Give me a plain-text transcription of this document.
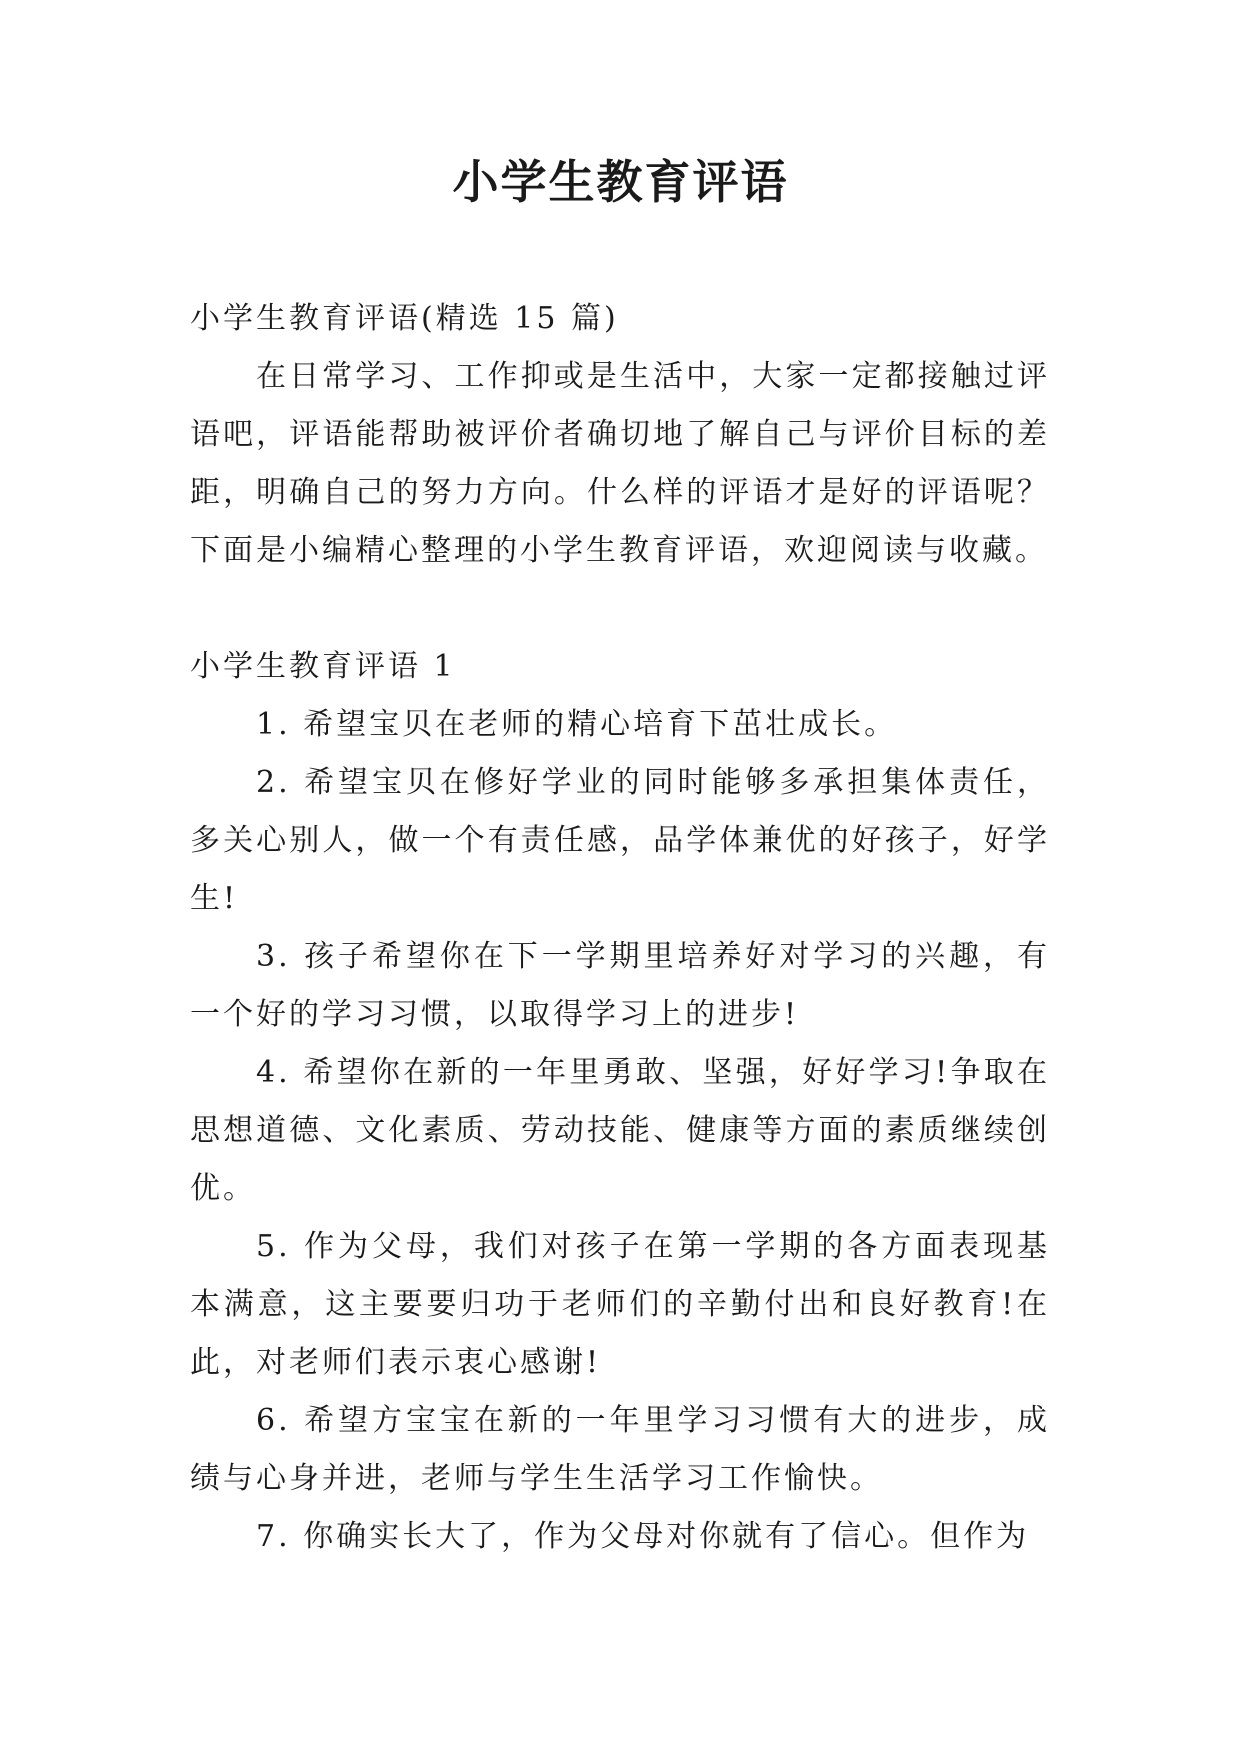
小学生教育评语

小学生教育评语(精选 15 篇)

在日常学习、工作抑或是生活中，大家一定都接触过评语吧，评语能帮助被评价者确切地了解自己与评价目标的差距，明确自己的努力方向。什么样的评语才是好的评语呢？下面是小编精心整理的小学生教育评语，欢迎阅读与收藏。

小学生教育评语 1

1. 希望宝贝在老师的精心培育下茁壮成长。

2. 希望宝贝在修好学业的同时能够多承担集体责任，多关心别人，做一个有责任感，品学体兼优的好孩子，好学生!

3. 孩子希望你在下一学期里培养好对学习的兴趣，有一个好的学习习惯，以取得学习上的进步!

4. 希望你在新的一年里勇敢、坚强，好好学习!争取在思想道德、文化素质、劳动技能、健康等方面的素质继续创优。

5. 作为父母，我们对孩子在第一学期的各方面表现基本满意，这主要要归功于老师们的辛勤付出和良好教育!在此，对老师们表示衷心感谢!

6. 希望方宝宝在新的一年里学习习惯有大的进步，成绩与心身并进，老师与学生生活学习工作愉快。

7. 你确实长大了，作为父母对你就有了信心。但作为
